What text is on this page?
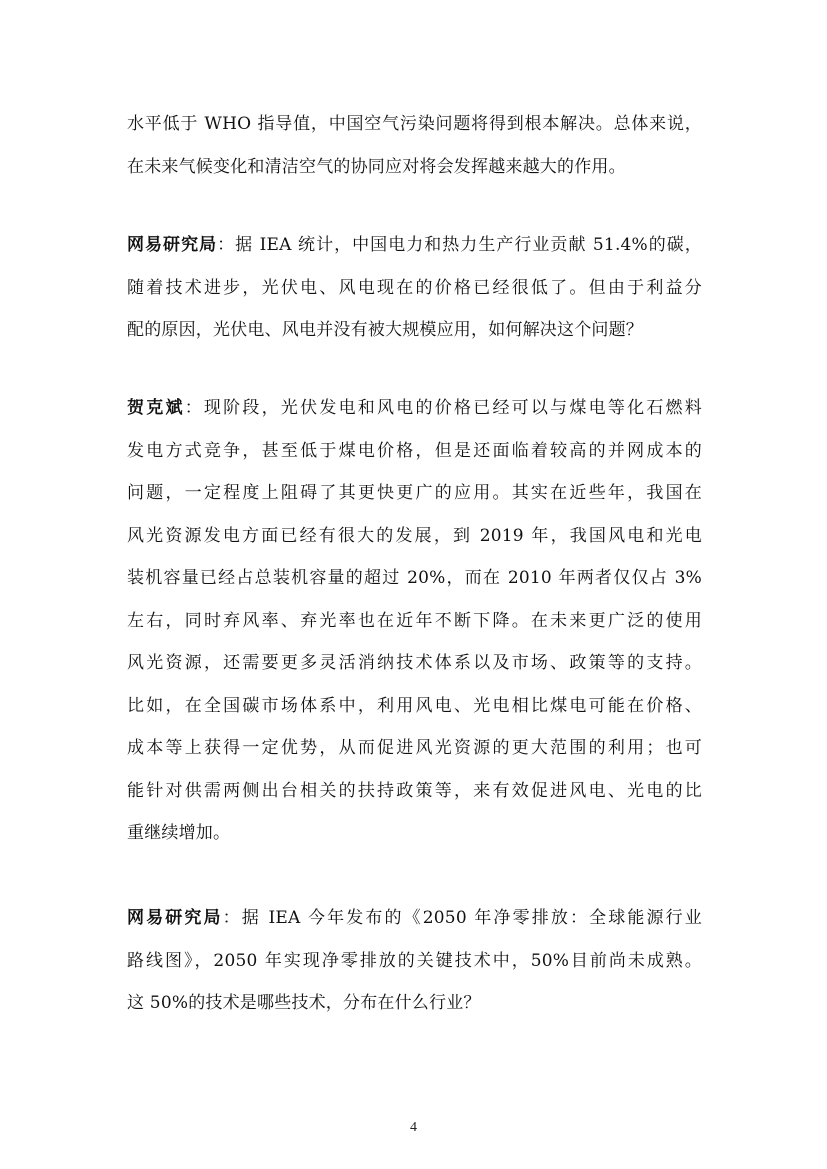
水平低于 WHO 指导值，中国空气污染问题将得到根本解决。总体来说，
在未来气候变化和清洁空气的协同应对将会发挥越来越大的作用。
网易研究局：据 IEA 统计，中国电力和热力生产行业贡献 51.4%的碳，
随着技术进步，光伏电、风电现在的价格已经很低了。但由于利益分
配的原因，光伏电、风电并没有被大规模应用，如何解决这个问题？
贺克斌：现阶段，光伏发电和风电的价格已经可以与煤电等化石燃料
发电方式竞争，甚至低于煤电价格，但是还面临着较高的并网成本的
问题，一定程度上阻碍了其更快更广的应用。其实在近些年，我国在
风光资源发电方面已经有很大的发展，到 2019 年，我国风电和光电
装机容量已经占总装机容量的超过 20%，而在 2010 年两者仅仅占 3%
左右，同时弃风率、弃光率也在近年不断下降。在未来更广泛的使用
风光资源，还需要更多灵活消纳技术体系以及市场、政策等的支持。
比如，在全国碳市场体系中，利用风电、光电相比煤电可能在价格、
成本等上获得一定优势，从而促进风光资源的更大范围的利用；也可
能针对供需两侧出台相关的扶持政策等，来有效促进风电、光电的比
重继续增加。
网易研究局：据 IEA 今年发布的《2050 年净零排放：全球能源行业
路线图》，2050 年实现净零排放的关键技术中，50%目前尚未成熟。
这 50%的技术是哪些技术，分布在什么行业？
4
